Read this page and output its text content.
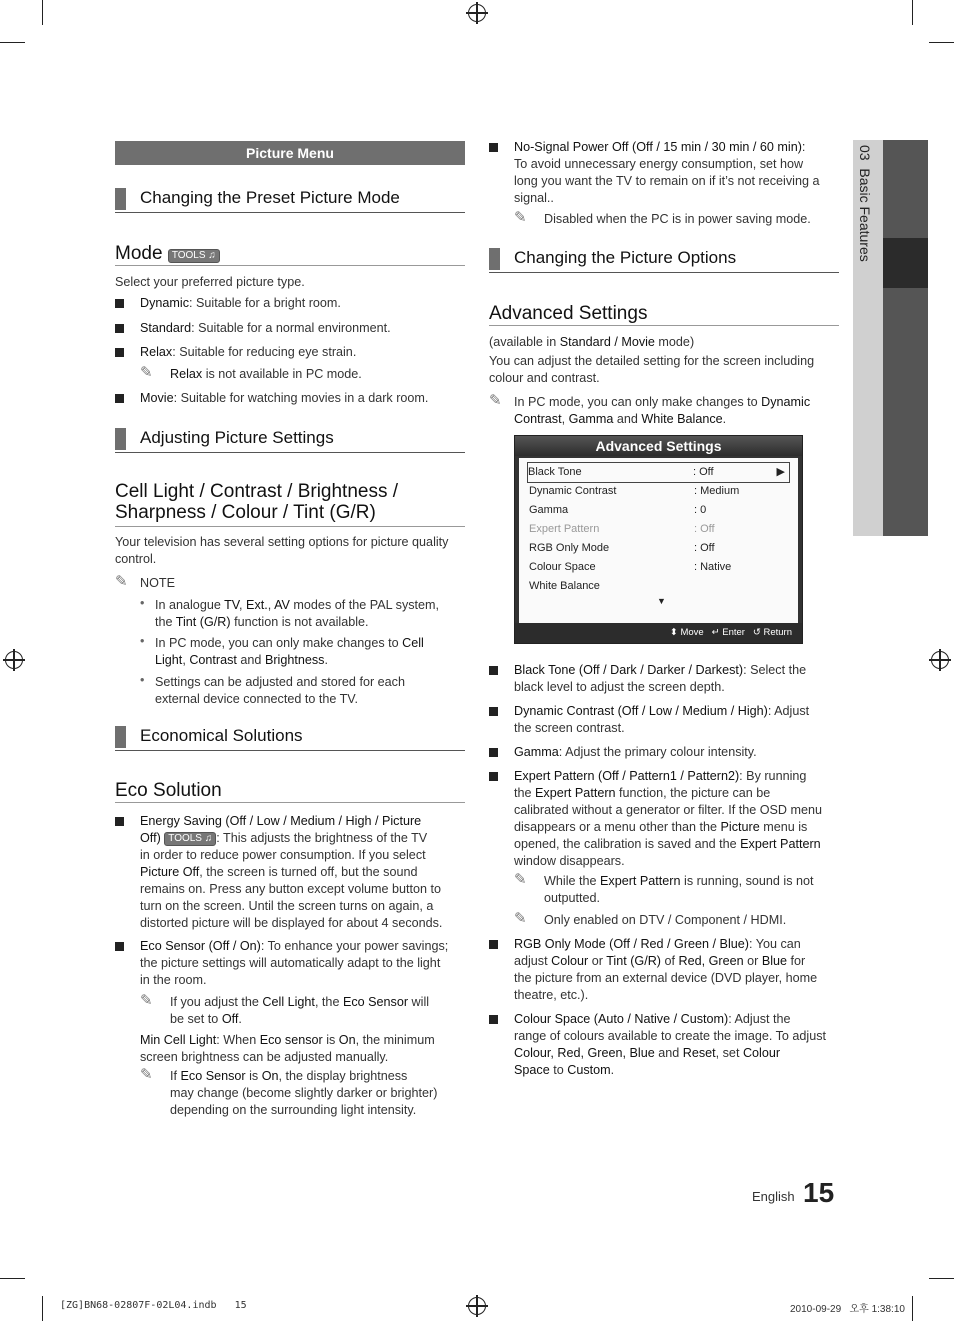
03  Basic Features
Picture Menu
Changing the Preset Picture Mode
Mode TOOLS ♫
Select your preferred picture type.
Dynamic: Suitable for a bright room.
Standard: Suitable for a normal environment.
Relax: Suitable for reducing eye strain.
✎ Relax is not available in PC mode.
Movie: Suitable for watching movies in a dark room.
Adjusting Picture Settings
Cell Light / Contrast / Brightness /
Sharpness / Colour / Tint (G/R)
Your television has several setting options for picture quality
control.
✎ NOTE
• In analogue TV, Ext., AV modes of the PAL system,
the Tint (G/R) function is not available.
• In PC mode, you can only make changes to Cell
Light, Contrast and Brightness.
• Settings can be adjusted and stored for each
external device connected to the TV.
Economical Solutions
Eco Solution
Energy Saving (Off / Low / Medium / High / Picture
Off) TOOLS ♫ : This adjusts the brightness of the TV
in order to reduce power consumption. If you select
Picture Off, the screen is turned off, but the sound
remains on. Press any button except volume button to
turn on the screen. Until the screen turns on again, a
distorted picture will be displayed for about 4 seconds.
Eco Sensor (Off / On): To enhance your power savings;
the picture settings will automatically adapt to the light
in the room.
✎ If you adjust the Cell Light, the Eco Sensor will
be set to Off.
Min Cell Light: When Eco sensor is On, the minimum
screen brightness can be adjusted manually.
✎ If Eco Sensor is On, the display brightness
may change (become slightly darker or brighter)
depending on the surrounding light intensity.
No-Signal Power Off (Off / 15 min / 30 min / 60 min):
To avoid unnecessary energy consumption, set how
long you want the TV to remain on if it’s not receiving a
signal..
✎ Disabled when the PC is in power saving mode.
Changing the Picture Options
Advanced Settings
(available in Standard / Movie mode)
You can adjust the detailed setting for the screen including
colour and contrast.
✎ In PC mode, you can only make changes to Dynamic
Contrast, Gamma and White Balance.
Advanced Settings
Black Tone	: Off	▶
Dynamic Contrast	: Medium
Gamma	: 0
Expert Pattern	: Off
RGB Only Mode	: Off
Colour Space	: Native
White Balance
▼
⬍ Move ↵ Enter ↺ Return
Black Tone (Off / Dark / Darker / Darkest): Select the
black level to adjust the screen depth.
Dynamic Contrast (Off / Low / Medium / High): Adjust
the screen contrast.
Gamma: Adjust the primary colour intensity.
Expert Pattern (Off / Pattern1 / Pattern2): By running
the Expert Pattern function, the picture can be
calibrated without a generator or filter. If the OSD menu
disappears or a menu other than the Picture menu is
opened, the calibration is saved and the Expert Pattern
window disappears.
✎ While the Expert Pattern is running, sound is not
outputted.
✎ Only enabled on DTV / Component / HDMI.
RGB Only Mode (Off / Red / Green / Blue): You can
adjust Colour or Tint (G/R) of Red, Green or Blue for
the picture from an external device (DVD player, home
theatre, etc.).
Colour Space (Auto / Native / Custom): Adjust the
range of colours available to create the image. To adjust
Colour, Red, Green, Blue and Reset, set Colour
Space to Custom.
English 15
[ZG]BN68-02807F-02L04.indb   15	2010-09-29   오후 1:38:10
